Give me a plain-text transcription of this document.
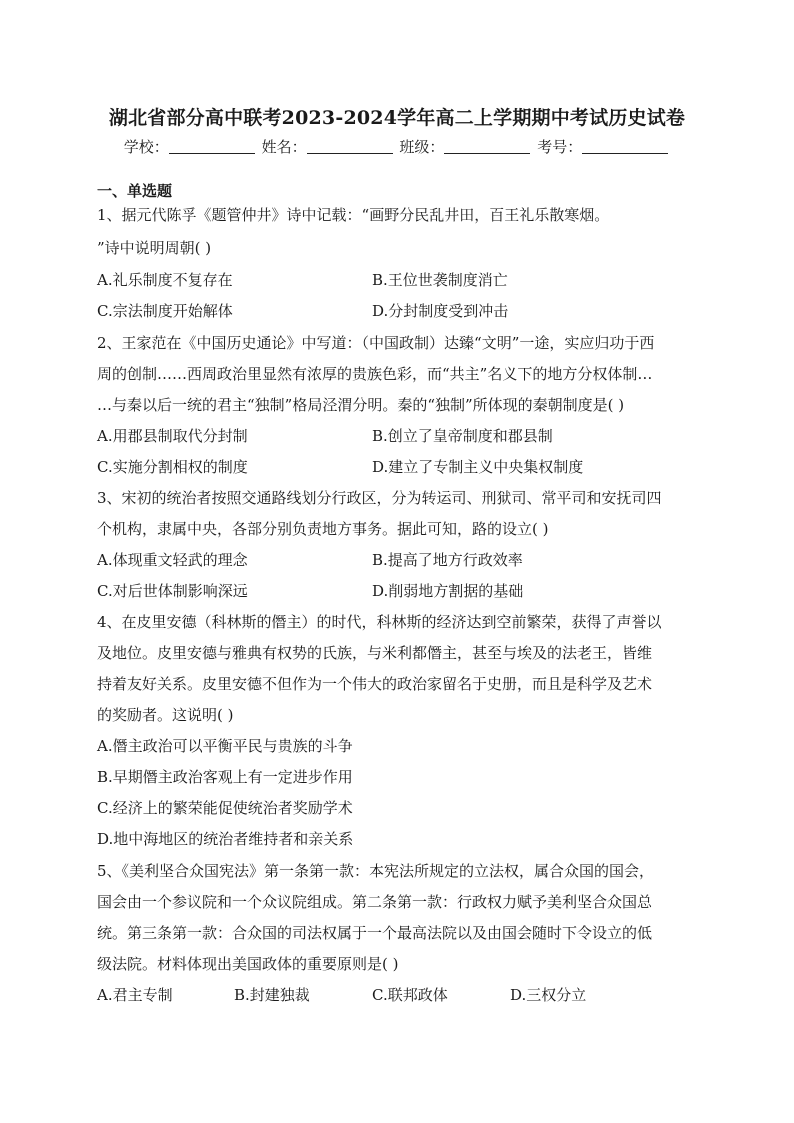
湖北省部分高中联考2023-2024学年高二上学期期中考试历史试卷
学校：	姓名：	班级：	考号：
一、单选题
1、据元代陈孚《题管仲井》诗中记载：“画野分民乱井田，百王礼乐散寒烟。
”诗中说明周朝( )
A.礼乐制度不复存在	B.王位世袭制度消亡
C.宗法制度开始解体	D.分封制度受到冲击
2、王家范在《中国历史通论》中写道：（中国政制）达臻“文明”一途，实应归功于西
周的创制……西周政治里显然有浓厚的贵族色彩，而“共主”名义下的地方分权体制…
…与秦以后一统的君主“独制”格局泾渭分明。秦的“独制”所体现的秦朝制度是( )
A.用郡县制取代分封制	B.创立了皇帝制度和郡县制
C.实施分割相权的制度	D.建立了专制主义中央集权制度
3、宋初的统治者按照交通路线划分行政区，分为转运司、刑狱司、常平司和安抚司四
个机构，隶属中央，各部分别负责地方事务。据此可知，路的设立( )
A.体现重文轻武的理念	B.提高了地方行政效率
C.对后世体制影响深远	D.削弱地方割据的基础
4、在皮里安德（科林斯的僭主）的时代，科林斯的经济达到空前繁荣，获得了声誉以
及地位。皮里安德与雅典有权势的氏族，与米利都僭主，甚至与埃及的法老王，皆维
持着友好关系。皮里安德不但作为一个伟大的政治家留名于史册，而且是科学及艺术
的奖励者。这说明( )
A.僭主政治可以平衡平民与贵族的斗争
B.早期僭主政治客观上有一定进步作用
C.经济上的繁荣能促使统治者奖励学术
D.地中海地区的统治者维持者和亲关系
5、《美利坚合众国宪法》第一条第一款：本宪法所规定的立法权，属合众国的国会，
国会由一个参议院和一个众议院组成。第二条第一款：行政权力赋予美利坚合众国总
统。第三条第一款：合众国的司法权属于一个最高法院以及由国会随时下令设立的低
级法院。材料体现出美国政体的重要原则是( )
A.君主专制	B.封建独裁	C.联邦政体	D.三权分立
